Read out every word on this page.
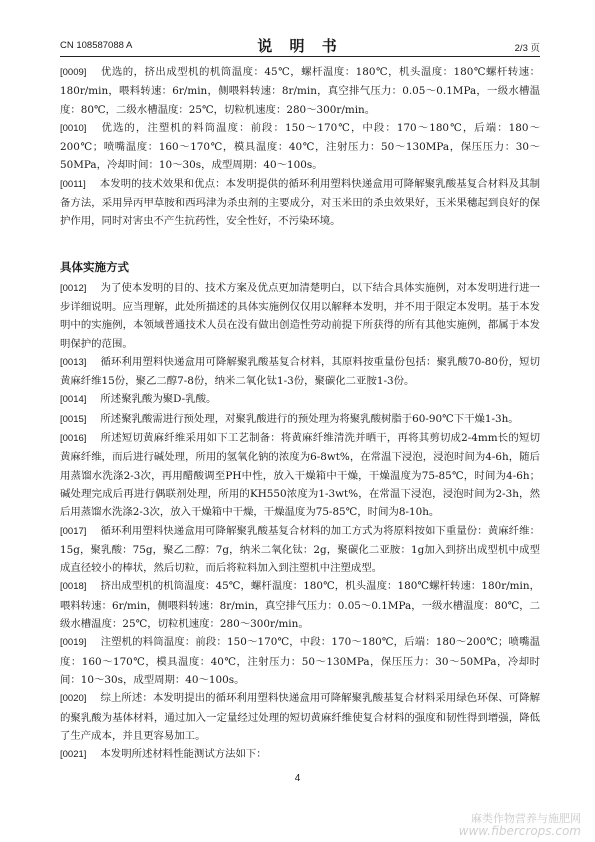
CN 108587088 A	说 明 书	2/3 页

[0009] 优选的，挤出成型机的机筒温度：45℃，螺杆温度：180℃，机头温度：180℃螺杆转速：180r/min，喂料转速：6r/min，侧喂料转速：8r/min，真空排气压力：0.05～0.1MPa，一级水槽温度：80℃，二级水槽温度：25℃，切粒机速度：280～300r/min。

[0010] 优选的，注塑机的料筒温度：前段：150～170℃，中段：170～180℃，后端：180～200℃；喷嘴温度：160～170℃，模具温度：40℃，注射压力：50～130MPa，保压压力：30～50MPa，冷却时间：10～30s，成型周期：40～100s。

[0011] 本发明的技术效果和优点：本发明提供的循环利用塑料快递盒用可降解聚乳酸基复合材料及其制备方法，采用异丙甲草胺和西玛津为杀虫剂的主要成分，对玉米田的杀虫效果好，玉米果穗起到良好的保护作用，同时对害虫不产生抗药性，安全性好，不污染环境。

具体实施方式

[0012] 为了使本发明的目的、技术方案及优点更加清楚明白，以下结合具体实施例，对本发明进行进一步详细说明。应当理解，此处所描述的具体实施例仅仅用以解释本发明，并不用于限定本发明。基于本发明中的实施例，本领域普通技术人员在没有做出创造性劳动前提下所获得的所有其他实施例，都属于本发明保护的范围。

[0013] 循环利用塑料快递盒用可降解聚乳酸基复合材料，其原料按重量份包括：聚乳酸70-80份，短切黄麻纤维15份，聚乙二醇7-8份，纳米二氧化钛1-3份，聚碳化二亚胺1-3份。

[0014] 所述聚乳酸为聚D-乳酸。

[0015] 所述聚乳酸需进行预处理，对聚乳酸进行的预处理为将聚乳酸树脂于60-90℃下干燥1-3h。

[0016] 所述短切黄麻纤维采用如下工艺制备：将黄麻纤维清洗并晒干，再将其剪切成2-4mm长的短切黄麻纤维，而后进行碱处理，所用的氢氧化钠的浓度为6-8wt%，在常温下浸泡，浸泡时间为4-6h，随后用蒸馏水洗涤2-3次，再用醋酸调至PH中性，放入干燥箱中干燥，干燥温度为75-85℃，时间为4-6h；碱处理完成后再进行偶联剂处理，所用的KH550浓度为1-3wt%，在常温下浸泡，浸泡时间为2-3h，然后用蒸馏水洗涤2-3次，放入干燥箱中干燥，干燥温度为75-85℃，时间为8-10h。

[0017] 循环利用塑料快递盒用可降解聚乳酸基复合材料的加工方式为将原料按如下重量份：黄麻纤维：15g，聚乳酸：75g，聚乙二醇：7g，纳米二氧化钛：2g，聚碳化二亚胺：1g加入到挤出成型机中成型成直径较小的棒状，然后切粒，而后将粒料加入到注塑机中注塑成型。

[0018] 挤出成型机的机筒温度：45℃，螺杆温度：180℃，机头温度：180℃螺杆转速：180r/min，喂料转速：6r/min，侧喂料转速：8r/min，真空排气压力：0.05～0.1MPa，一级水槽温度：80℃，二级水槽温度：25℃，切粒机速度：280～300r/min。

[0019] 注塑机的料筒温度：前段：150～170℃，中段：170～180℃，后端：180～200℃；喷嘴温度：160～170℃，模具温度：40℃，注射压力：50～130MPa，保压压力：30～50MPa，冷却时间：10～30s，成型周期：40～100s。

[0020] 综上所述：本发明提出的循环利用塑料快递盒用可降解聚乳酸基复合材料采用绿色环保、可降解的聚乳酸为基体材料，通过加入一定量经过处理的短切黄麻纤维使复合材料的强度和韧性得到增强，降低了生产成本，并且更容易加工。

[0021] 本发明所述材料性能测试方法如下：

4
麻类作物营养与施肥网
www.fibercrops.com
